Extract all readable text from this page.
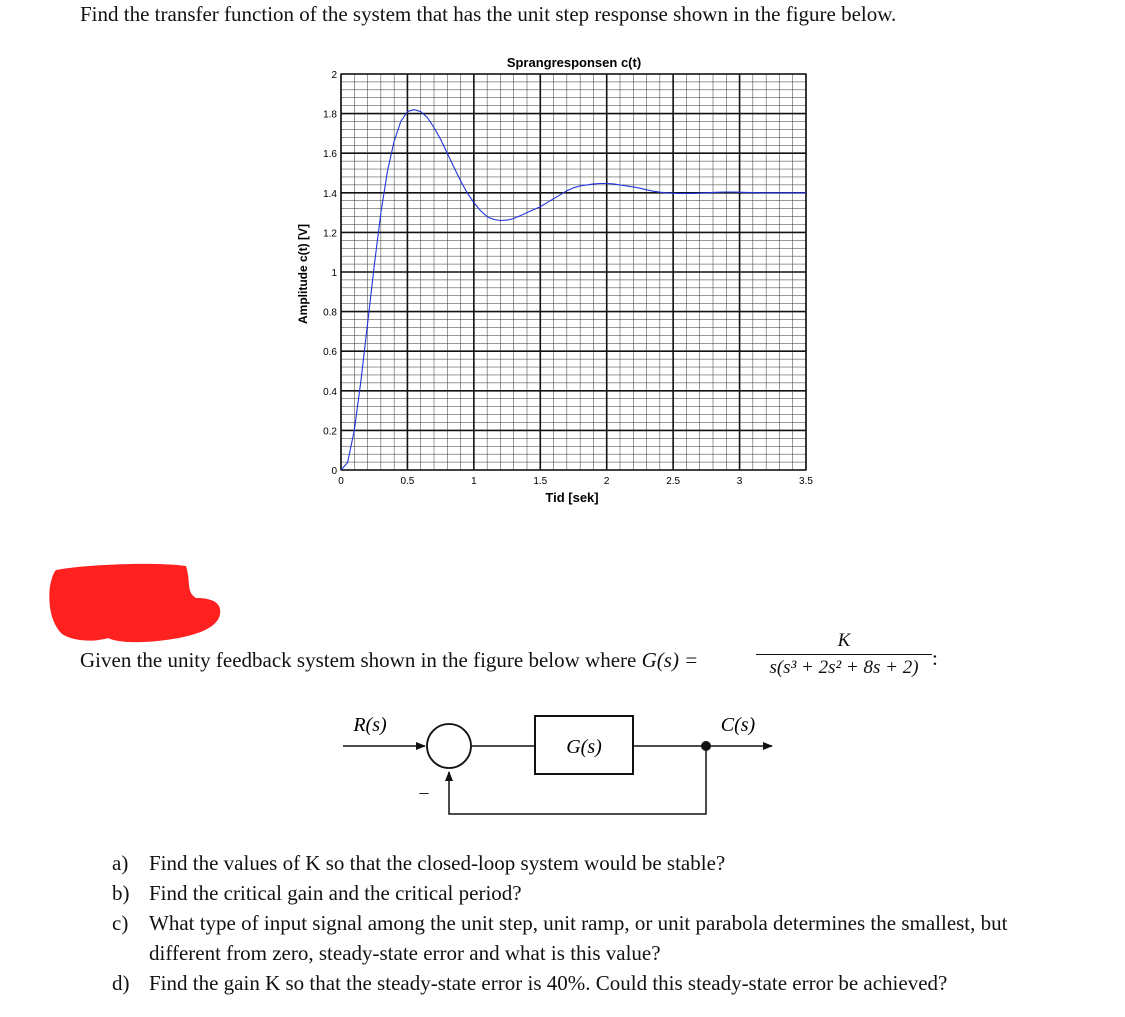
Find the transfer function of the system that has the unit step response shown in the figure below.
0
0.2
0.4
0.6
0.8
1
1.2
1.4
1.6
1.8
2
0	0.5	1	1.5	2	2.5	3	3.5
Sprangresponsen c(t)
Tid [sek]
Amplitude c(t) [V]
Given the unity feedback system shown in the figure below where G(s) =
K
s(s³ + 2s² + 8s + 2) :
R(s)	C(s)
G(s)
–
a) Find the values of K so that the closed-loop system would be stable?
b) Find the critical gain and the critical period?
c) What type of input signal among the unit step, unit ramp, or unit parabola determines the smallest, but different from zero, steady-state error and what is this value?
d) Find the gain K so that the steady-state error is 40%. Could this steady-state error be achieved?
